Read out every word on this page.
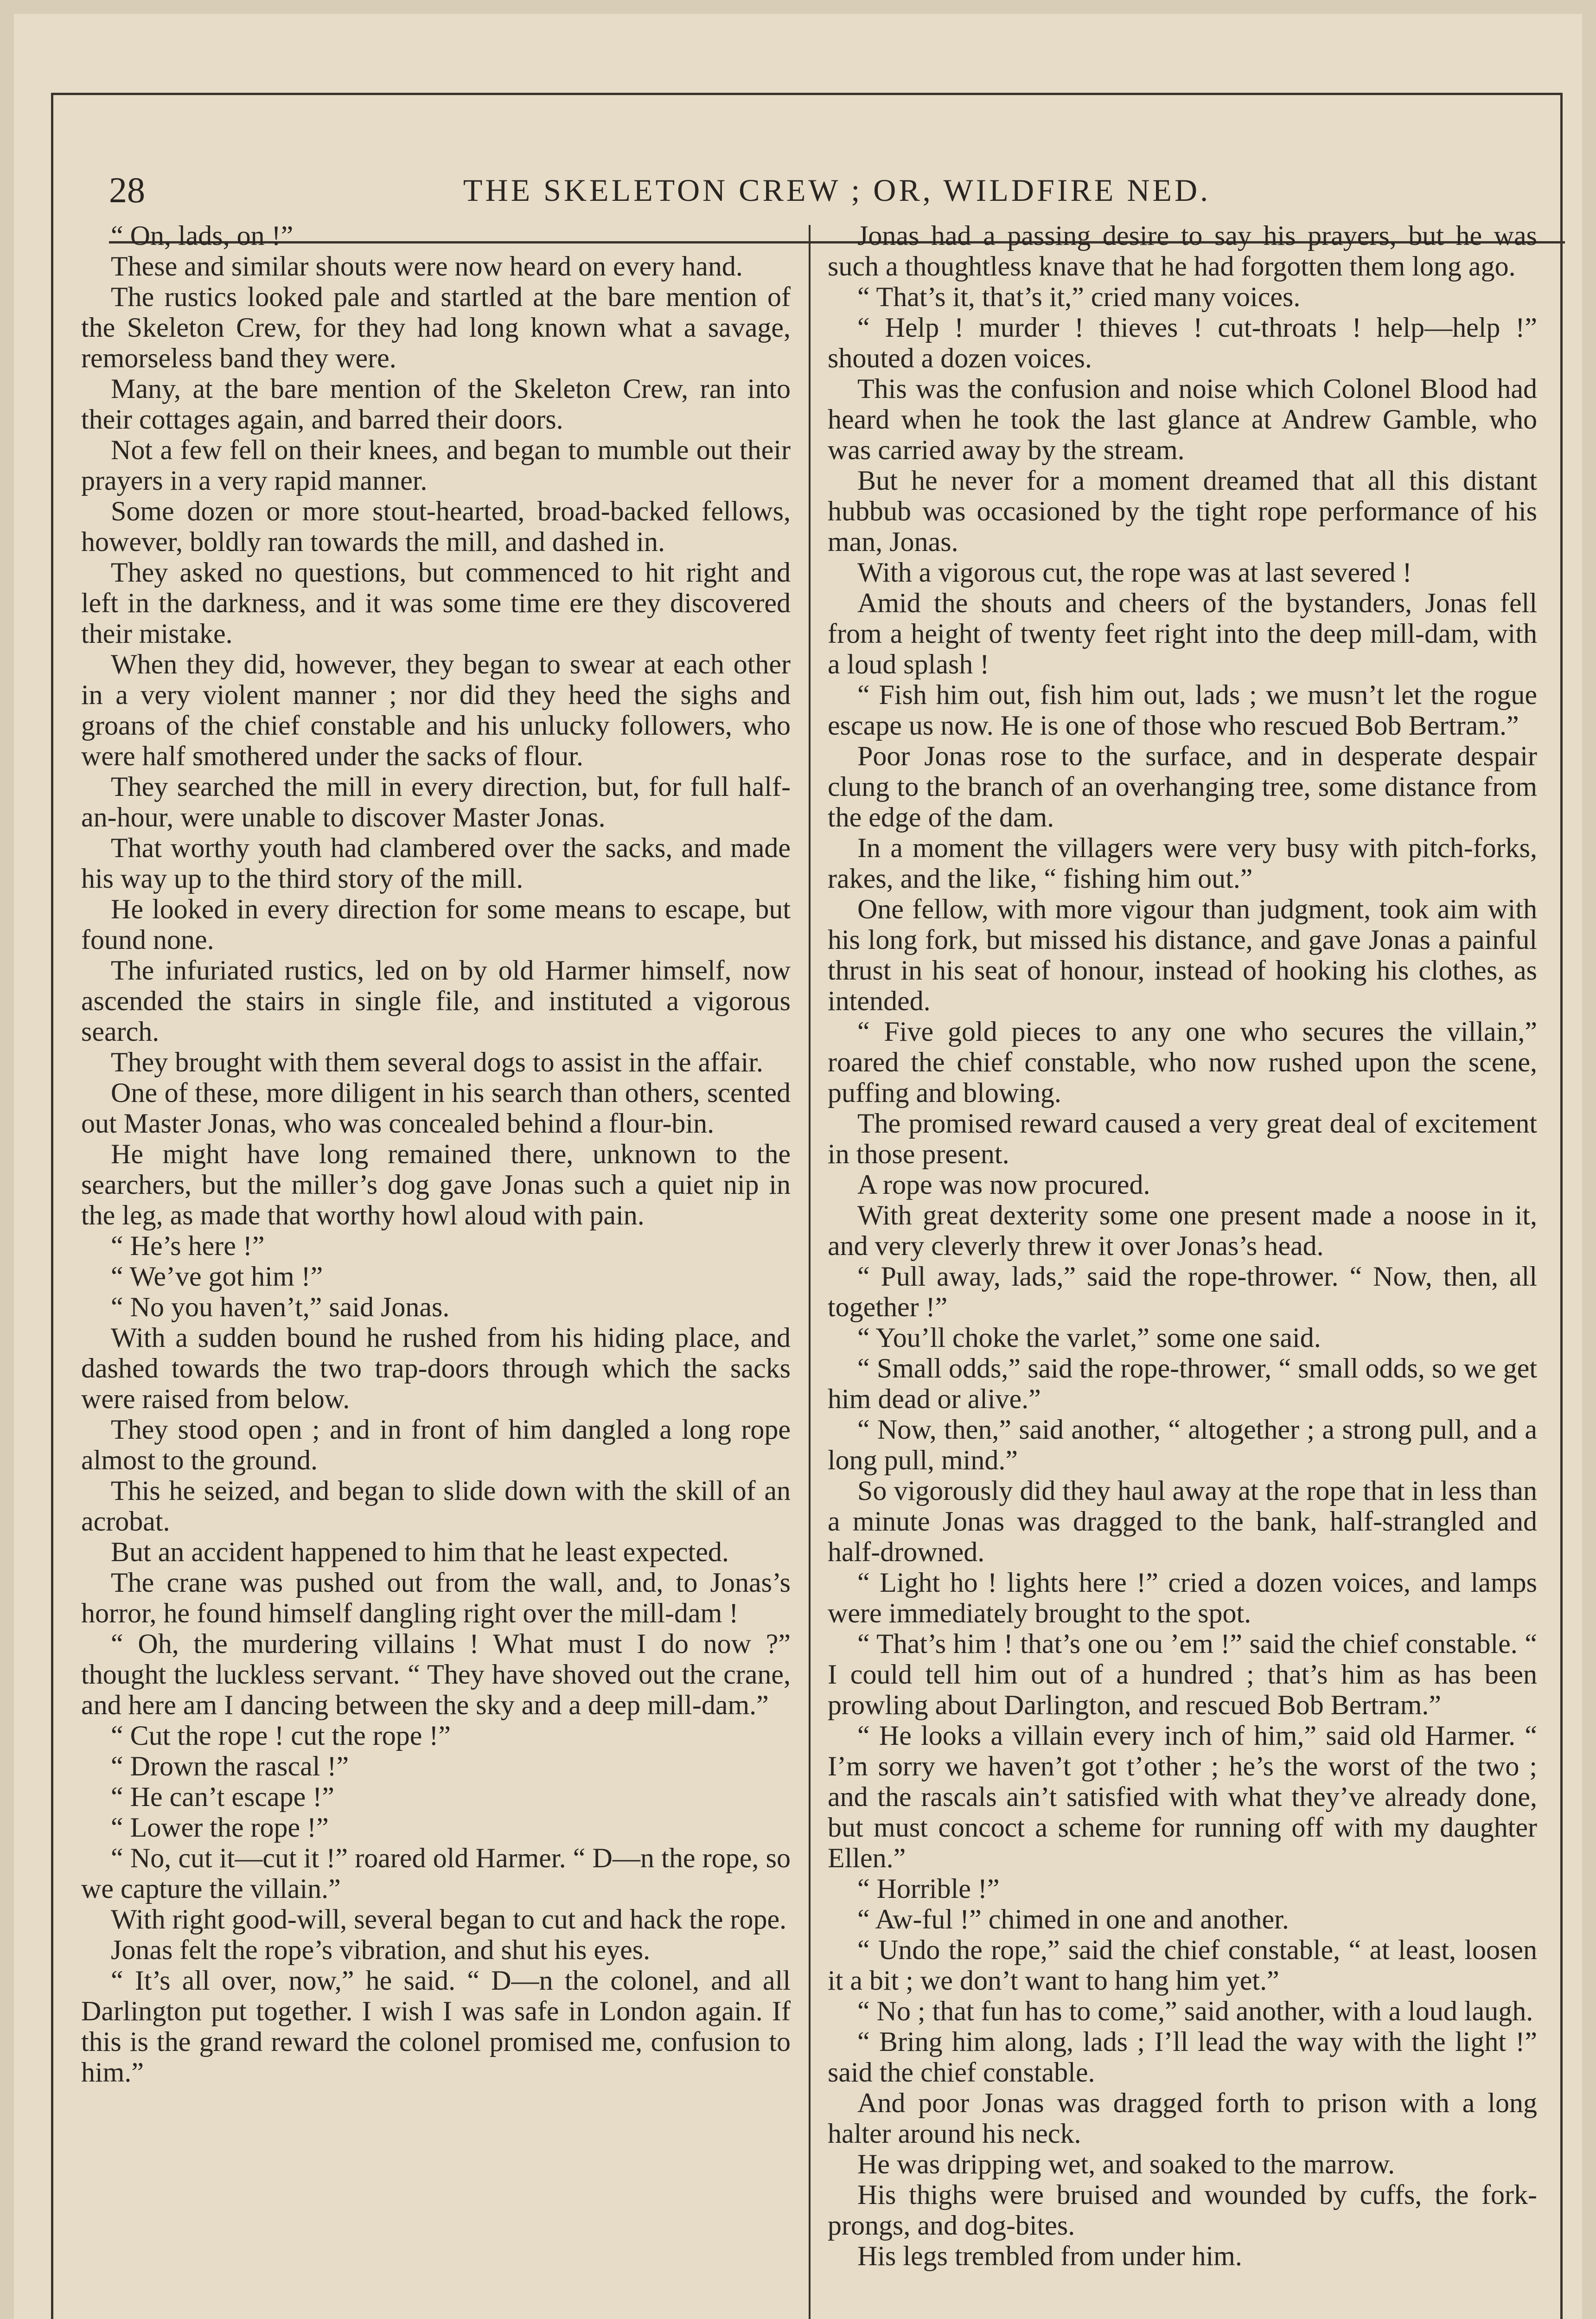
28	THE SKELETON CREW ; OR, WILDFIRE NED.

“ On, lads, on !”

These and similar shouts were now heard on every hand.

The rustics looked pale and startled at the bare mention of the Skeleton Crew, for they had long known what a savage, remorseless band they were.

Many, at the bare mention of the Skeleton Crew, ran into their cottages again, and barred their doors.

Not a few fell on their knees, and began to mumble out their prayers in a very rapid manner.

Some dozen or more stout-hearted, broad-backed fellows, however, boldly ran towards the mill, and dashed in.

They asked no questions, but commenced to hit right and left in the darkness, and it was some time ere they discovered their mistake.

When they did, however, they began to swear at each other in a very violent manner ; nor did they heed the sighs and groans of the chief constable and his unlucky followers, who were half smothered under the sacks of flour.

They searched the mill in every direction, but, for full half-an-hour, were unable to discover Master Jonas.

That worthy youth had clambered over the sacks, and made his way up to the third story of the mill.

He looked in every direction for some means to escape, but found none.

The infuriated rustics, led on by old Harmer himself, now ascended the stairs in single file, and instituted a vigorous search.

They brought with them several dogs to assist in the affair.

One of these, more diligent in his search than others, scented out Master Jonas, who was concealed behind a flour-bin.

He might have long remained there, unknown to the searchers, but the miller’s dog gave Jonas such a quiet nip in the leg, as made that worthy howl aloud with pain.

“ He’s here !”

“ We’ve got him !”

“ No you haven’t,” said Jonas.

With a sudden bound he rushed from his hiding place, and dashed towards the two trap-doors through which the sacks were raised from below.

They stood open ; and in front of him dangled a long rope almost to the ground.

This he seized, and began to slide down with the skill of an acrobat.

But an accident happened to him that he least expected.

The crane was pushed out from the wall, and, to Jonas’s horror, he found himself dangling right over the mill-dam !

“ Oh, the murdering villains ! What must I do now ?” thought the luckless servant. “ They have shoved out the crane, and here am I dancing between the sky and a deep mill-dam.”

“ Cut the rope ! cut the rope !”

“ Drown the rascal !”

“ He can’t escape !”

“ Lower the rope !”

“ No, cut it—cut it !” roared old Harmer. “ D—n the rope, so we capture the villain.”

With right good-will, several began to cut and hack the rope.

Jonas felt the rope’s vibration, and shut his eyes.

“ It’s all over, now,” he said. “ D—n the colonel, and all Darlington put together. I wish I was safe in London again. If this is the grand reward the colonel promised me, confusion to him.”

Jonas had a passing desire to say his prayers, but he was such a thoughtless knave that he had forgotten them long ago.

“ That’s it, that’s it,” cried many voices.

“ Help ! murder ! thieves ! cut-throats ! help—help !” shouted a dozen voices.

This was the confusion and noise which Colonel Blood had heard when he took the last glance at Andrew Gamble, who was carried away by the stream.

But he never for a moment dreamed that all this distant hubbub was occasioned by the tight rope performance of his man, Jonas.

With a vigorous cut, the rope was at last severed !

Amid the shouts and cheers of the bystanders, Jonas fell from a height of twenty feet right into the deep mill-dam, with a loud splash !

“ Fish him out, fish him out, lads ; we musn’t let the rogue escape us now. He is one of those who rescued Bob Bertram.”

Poor Jonas rose to the surface, and in desperate despair clung to the branch of an overhanging tree, some distance from the edge of the dam.

In a moment the villagers were very busy with pitch-forks, rakes, and the like, “ fishing him out.”

One fellow, with more vigour than judgment, took aim with his long fork, but missed his distance, and gave Jonas a painful thrust in his seat of honour, instead of hooking his clothes, as intended.

“ Five gold pieces to any one who secures the villain,” roared the chief constable, who now rushed upon the scene, puffing and blowing.

The promised reward caused a very great deal of excitement in those present.

A rope was now procured.

With great dexterity some one present made a noose in it, and very cleverly threw it over Jonas’s head.

“ Pull away, lads,” said the rope-thrower. “ Now, then, all together !”

“ You’ll choke the varlet,” some one said.

“ Small odds,” said the rope-thrower, “ small odds, so we get him dead or alive.”

“ Now, then,” said another, “ altogether ; a strong pull, and a long pull, mind.”

So vigorously did they haul away at the rope that in less than a minute Jonas was dragged to the bank, half-strangled and half-drowned.

“ Light ho ! lights here !” cried a dozen voices, and lamps were immediately brought to the spot.

“ That’s him ! that’s one ou ’em !” said the chief constable. “ I could tell him out of a hundred ; that’s him as has been prowling about Darlington, and rescued Bob Bertram.”

“ He looks a villain every inch of him,” said old Harmer. “ I’m sorry we haven’t got t’other ; he’s the worst of the two ; and the rascals ain’t satisfied with what they’ve already done, but must concoct a scheme for running off with my daughter Ellen.”

“ Horrible !”

“ Aw-ful !” chimed in one and another.

“ Undo the rope,” said the chief constable, “ at least, loosen it a bit ; we don’t want to hang him yet.”

“ No ; that fun has to come,” said another, with a loud laugh.

“ Bring him along, lads ; I’ll lead the way with the light !” said the chief constable.

And poor Jonas was dragged forth to prison with a long halter around his neck.

He was dripping wet, and soaked to the marrow.

His thighs were bruised and wounded by cuffs, the fork-prongs, and dog-bites.

His legs trembled from under him.
